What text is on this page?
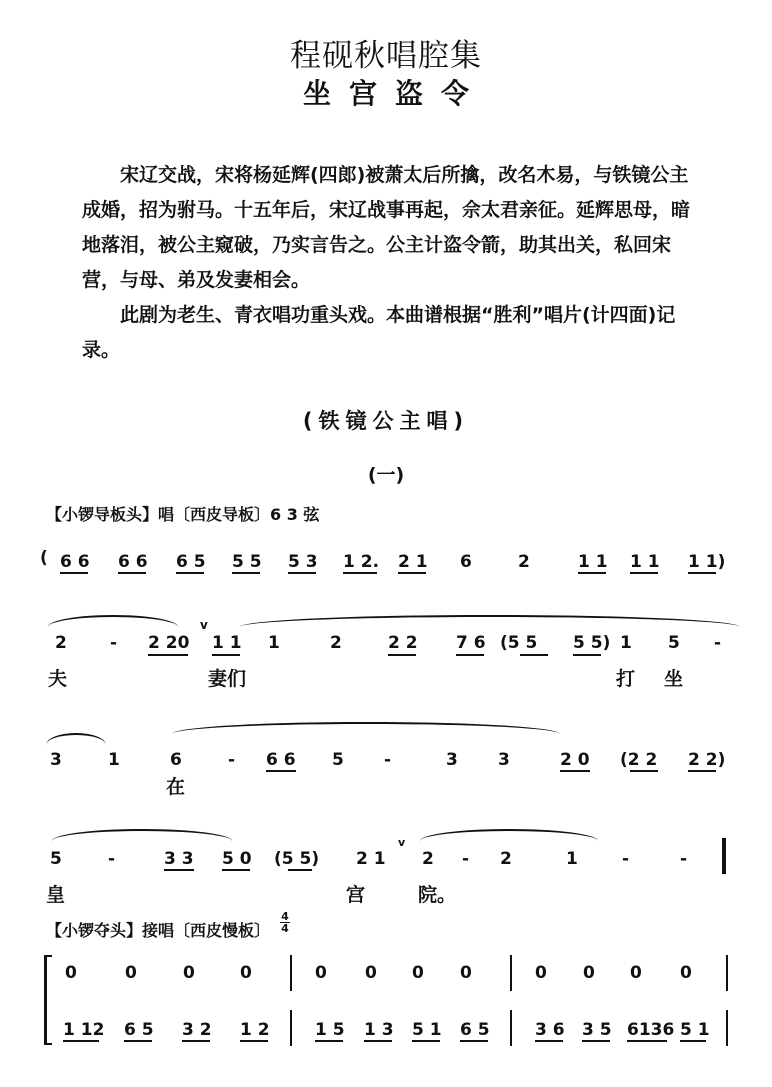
程砚秋唱腔集
坐宫盗令

宋辽交战，宋将杨延辉(四郎)被萧太后所擒，改名木易，与铁镜公主成婚，招为驸马。十五年后，宋辽战事再起，佘太君亲征。延辉思母，暗地落泪，被公主窥破，乃实言告之。公主计盗令箭，助其出关，私回宋营，与母、弟及发妻相会。

此剧为老生、青衣唱功重头戏。本曲谱根据“胜利”唱片(计四面)记录。

(铁镜公主唱)
(一)
【小锣导板头】唱〔西皮导板〕6 3 弦
( 6 6 6 6 6 5 5 5 5 3 1 2. 2 1 6	2	1 1 1 1 1 1)
2	- 2 20
v
1 1 1	2	2 2 7 6 (5 5 5 5) 1 5 -
夫	妻们	打 坐
3	1	6	- 6 6 5 -	3 3	2 0 (2 2 2 2)
在
5	-	3 3 5 0 (5 5) 2 1
v
2 - 2	1	-	-
皇	宫	院。
【小锣夺头】接唱〔西皮慢板〕
4
4
0	0	0	0	0 0 0 0	0 0 0 0
1 12 6 5 3 2 1 2	1 5 1 3 5 1 6 5	3 6 3 5 6136 5 1
